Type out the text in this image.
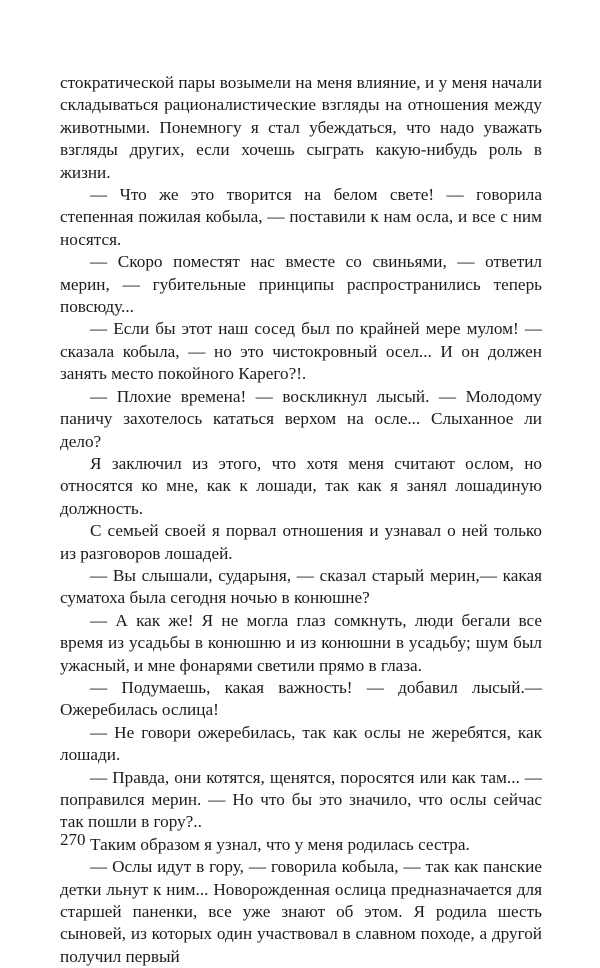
стократической пары возымели на меня влияние, и у меня начали складываться рационалистические взгляды на отношения между животными. Понемногу я стал убеждаться, что надо уважать взгляды других, если хочешь сыграть какую-нибудь роль в жизни.

— Что же это творится на белом свете! — говорила степенная пожилая кобыла, — поставили к нам осла, и все с ним носятся.

— Скоро поместят нас вместе со свиньями, — ответил мерин, — губительные принципы распространились теперь повсюду...

— Если бы этот наш сосед был по крайней мере мулом! — сказала кобыла, — но это чистокровный осел... И он должен занять место покойного Карего?!.

— Плохие времена! — воскликнул лысый. — Молодому паничу захотелось кататься верхом на осле... Слыханное ли дело?

Я заключил из этого, что хотя меня считают ослом, но относятся ко мне, как к лошади, так как я занял лошадиную должность.

С семьей своей я порвал отношения и узнавал о ней только из разговоров лошадей.

— Вы слышали, сударыня, — сказал старый мерин,— какая суматоха была сегодня ночью в конюшне?

— А как же! Я не могла глаз сомкнуть, люди бегали все время из усадьбы в конюшню и из конюшни в усадьбу; шум был ужасный, и мне фонарями светили прямо в глаза.

— Подумаешь, какая важность! — добавил лысый.— Ожеребилась ослица!

— Не говори ожеребилась, так как ослы не жеребятся, как лошади.

— Правда, они котятся, щенятся, поросятся или как там... — поправился мерин. — Но что бы это значило, что ослы сейчас так пошли в гору?..

Таким образом я узнал, что у меня родилась сестра.

— Ослы идут в гору, — говорила кобыла, — так как панские детки льнут к ним... Новорожденная ослица предназначается для старшей паненки, все уже знают об этом. Я родила шесть сыновей, из которых один участвовал в славном походе, а другой получил первый

270
